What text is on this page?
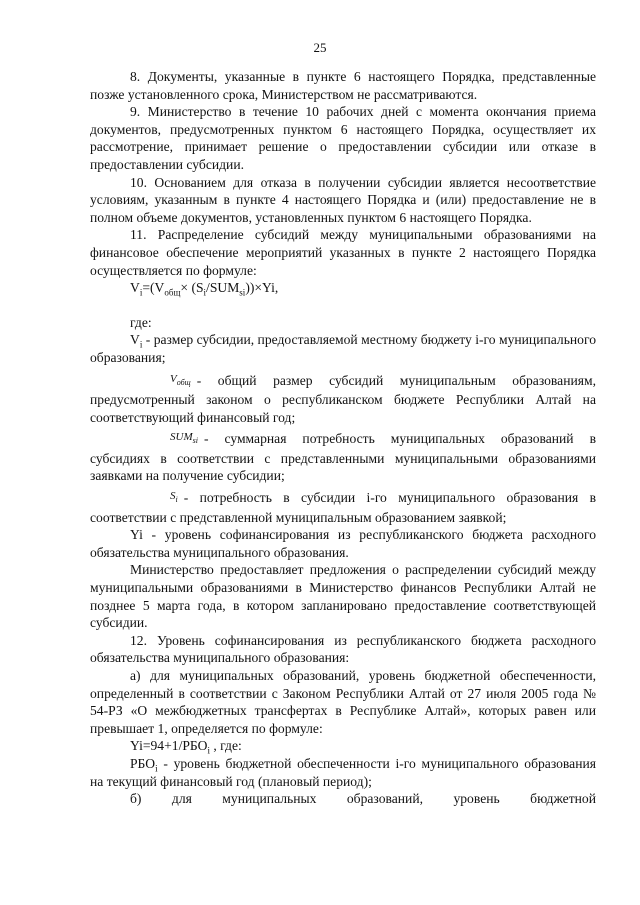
25

8. Документы, указанные в пункте 6 настоящего Порядка, представленные позже установленного срока, Министерством не рассматриваются.

9. Министерство в течение 10 рабочих дней с момента окончания приема документов, предусмотренных пунктом 6 настоящего Порядка, осуществляет их рассмотрение, принимает решение о предоставлении субсидии или отказе в предоставлении субсидии.

10. Основанием для отказа в получении субсидии является несоответствие условиям, указанным в пункте 4 настоящего Порядка и (или) предоставление не в полном объеме документов, установленных пунктом 6 настоящего Порядка.

11. Распределение субсидий между муниципальными образованиями на финансовое обеспечение мероприятий указанных в пункте 2 настоящего Порядка осуществляется по формуле:

$V_i=(V_{общ}\times (S_i/SUM_{si}))\times Yi$,

где:

$V_i$ - размер субсидии, предоставляемой местному бюджету i-го муниципального образования;

$V_{общ}$ - общий размер субсидий муниципальным образованиям, предусмотренный законом о республиканском бюджете Республики Алтай на соответствующий финансовый год;

$SUM_{si}$ - суммарная потребность муниципальных образований в субсидиях в соответствии с представленными муниципальными образованиями заявками на получение субсидии;

$S_i$ - потребность в субсидии i-го муниципального образования в соответствии с представленной муниципальным образованием заявкой;

Yi - уровень софинансирования из республиканского бюджета расходного обязательства муниципального образования.

Министерство предоставляет предложения о распределении субсидий между муниципальными образованиями в Министерство финансов Республики Алтай не позднее 5 марта года, в котором запланировано предоставление соответствующей субсидии.

12. Уровень софинансирования из республиканского бюджета расходного обязательства муниципального образования:

а) для муниципальных образований, уровень бюджетной обеспеченности, определенный в соответствии с Законом Республики Алтай от 27 июля 2005 года № 54-РЗ «О межбюджетных трансфертах в Республике Алтай», которых равен или превышает 1, определяется по формуле:

$Yi=94+1/РБО_i$ , где:

$РБО_i$ - уровень бюджетной обеспеченности i-го муниципального образования на текущий финансовый год (плановый период);

б) для муниципальных образований, уровень бюджетной
